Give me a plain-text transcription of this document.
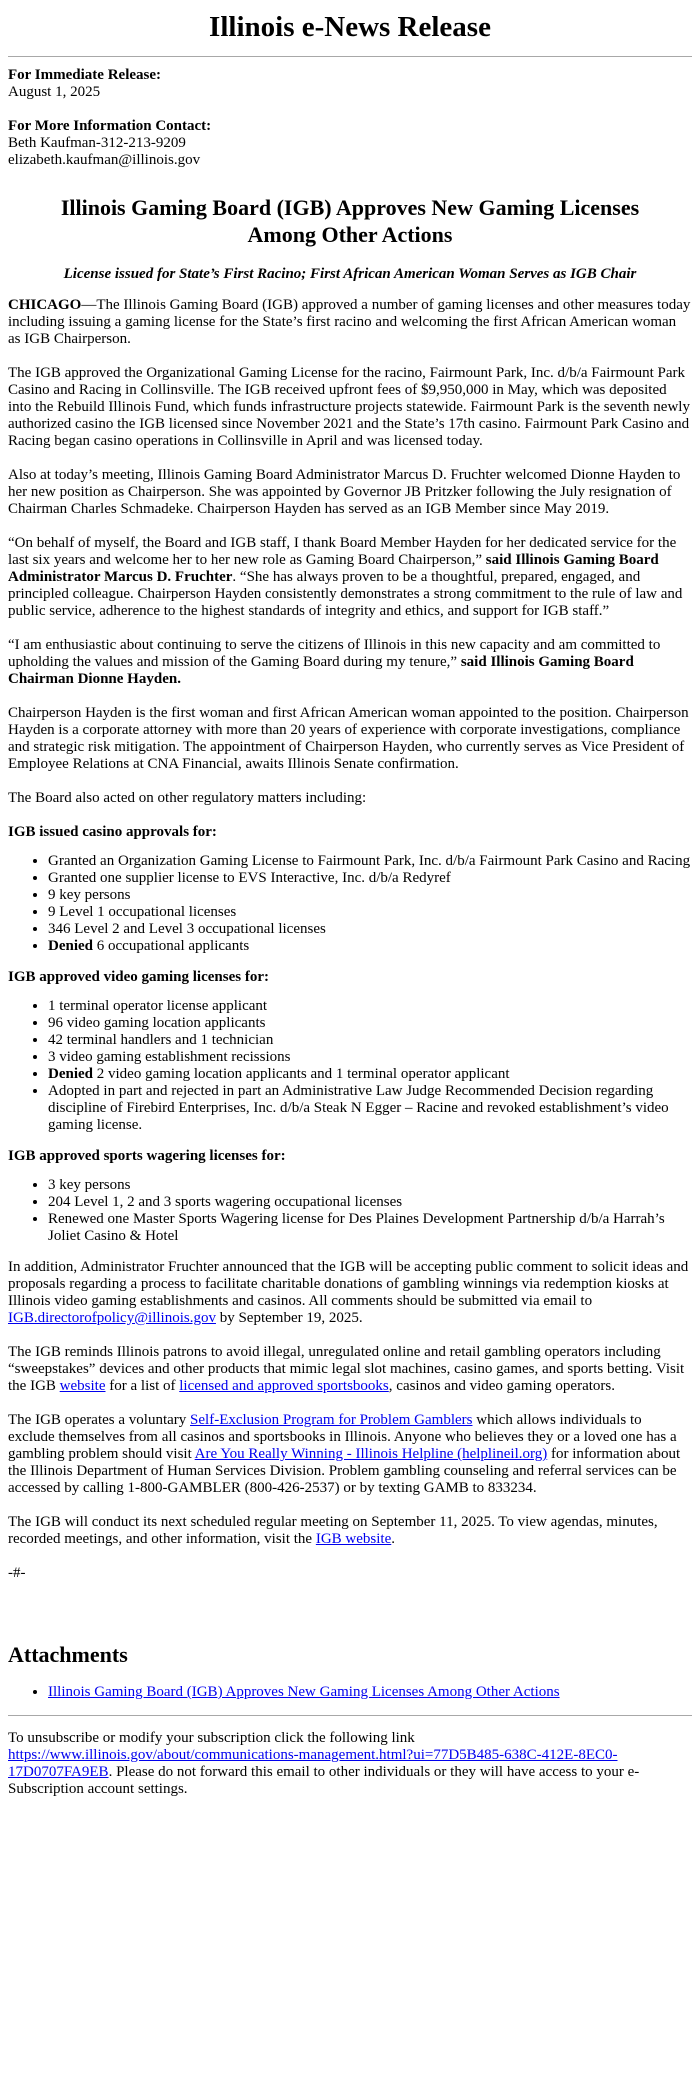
Illinois e-News Release

For Immediate Release:

August 1, 2025

For More Information Contact:

Beth Kaufman-312-213-9209

elizabeth.kaufman@illinois.gov

Illinois Gaming Board (IGB) Approves New Gaming Licenses Among Other Actions
License issued for State’s First Racino; First African American Woman Serves as IGB Chair

CHICAGO—The Illinois Gaming Board (IGB) approved a number of gaming licenses and other measures today including issuing a gaming license for the State’s first racino and welcoming the first African American woman as IGB Chairperson.

The IGB approved the Organizational Gaming License for the racino, Fairmount Park, Inc. d/b/a Fairmount Park Casino and Racing in Collinsville. The IGB received upfront fees of $9,950,000 in May, which was deposited into the Rebuild Illinois Fund, which funds infrastructure projects statewide. Fairmount Park is the seventh newly authorized casino the IGB licensed since November 2021 and the State’s 17th casino. Fairmount Park Casino and Racing began casino operations in Collinsville in April and was licensed today.

Also at today’s meeting, Illinois Gaming Board Administrator Marcus D. Fruchter welcomed Dionne Hayden to her new position as Chairperson. She was appointed by Governor JB Pritzker following the July resignation of Chairman Charles Schmadeke. Chairperson Hayden has served as an IGB Member since May 2019.

“On behalf of myself, the Board and IGB staff, I thank Board Member Hayden for her dedicated service for the last six years and welcome her to her new role as Gaming Board Chairperson,” said Illinois Gaming Board Administrator Marcus D. Fruchter. “She has always proven to be a thoughtful, prepared, engaged, and principled colleague. Chairperson Hayden consistently demonstrates a strong commitment to the rule of law and public service, adherence to the highest standards of integrity and ethics, and support for IGB staff.”

“I am enthusiastic about continuing to serve the citizens of Illinois in this new capacity and am committed to upholding the values and mission of the Gaming Board during my tenure,” said Illinois Gaming Board Chairman Dionne Hayden.

Chairperson Hayden is the first woman and first African American woman appointed to the position. Chairperson Hayden is a corporate attorney with more than 20 years of experience with corporate investigations, compliance and strategic risk mitigation. The appointment of Chairperson Hayden, who currently serves as Vice President of Employee Relations at CNA Financial, awaits Illinois Senate confirmation.

The Board also acted on other regulatory matters including:

IGB issued casino approvals for:
• Granted an Organization Gaming License to Fairmount Park, Inc. d/b/a Fairmount Park Casino and Racing
• Granted one supplier license to EVS Interactive, Inc. d/b/a Redyref
• 9 key persons
• 9 Level 1 occupational licenses
• 346 Level 2 and Level 3 occupational licenses
• Denied 6 occupational applicants
IGB approved video gaming licenses for:
• 1 terminal operator license applicant
• 96 video gaming location applicants
• 42 terminal handlers and 1 technician
• 3 video gaming establishment recissions
• Denied 2 video gaming location applicants and 1 terminal operator applicant
• Adopted in part and rejected in part an Administrative Law Judge Recommended Decision regarding discipline of Firebird Enterprises, Inc. d/b/a Steak N Egger – Racine and revoked establishment’s video gaming license.
IGB approved sports wagering licenses for:
• 3 key persons
• 204 Level 1, 2 and 3 sports wagering occupational licenses
• Renewed one Master Sports Wagering license for Des Plaines Development Partnership d/b/a Harrah’s Joliet Casino & Hotel

In addition, Administrator Fruchter announced that the IGB will be accepting public comment to solicit ideas and proposals regarding a process to facilitate charitable donations of gambling winnings via redemption kiosks at Illinois video gaming establishments and casinos. All comments should be submitted via email to IGB.directorofpolicy@illinois.gov by September 19, 2025.

The IGB reminds Illinois patrons to avoid illegal, unregulated online and retail gambling operators including “sweepstakes” devices and other products that mimic legal slot machines, casino games, and sports betting. Visit the IGB website for a list of licensed and approved sportsbooks, casinos and video gaming operators.

The IGB operates a voluntary Self-Exclusion Program for Problem Gamblers which allows individuals to exclude themselves from all casinos and sportsbooks in Illinois. Anyone who believes they or a loved one has a gambling problem should visit Are You Really Winning - Illinois Helpline (helplineil.org) for information about the Illinois Department of Human Services Division. Problem gambling counseling and referral services can be accessed by calling 1-800-GAMBLER (800-426-2537) or by texting GAMB to 833234.

The IGB will conduct its next scheduled regular meeting on September 11, 2025. To view agendas, minutes, recorded meetings, and other information, visit the IGB website.

-#-

Attachments
• Illinois Gaming Board (IGB) Approves New Gaming Licenses Among Other Actions

To unsubscribe or modify your subscription click the following link https://www.illinois.gov/about/communications-management.html?ui=77D5B485-638C-412E-8EC0-17D0707FA9EB. Please do not forward this email to other individuals or they will have access to your e-Subscription account settings.
